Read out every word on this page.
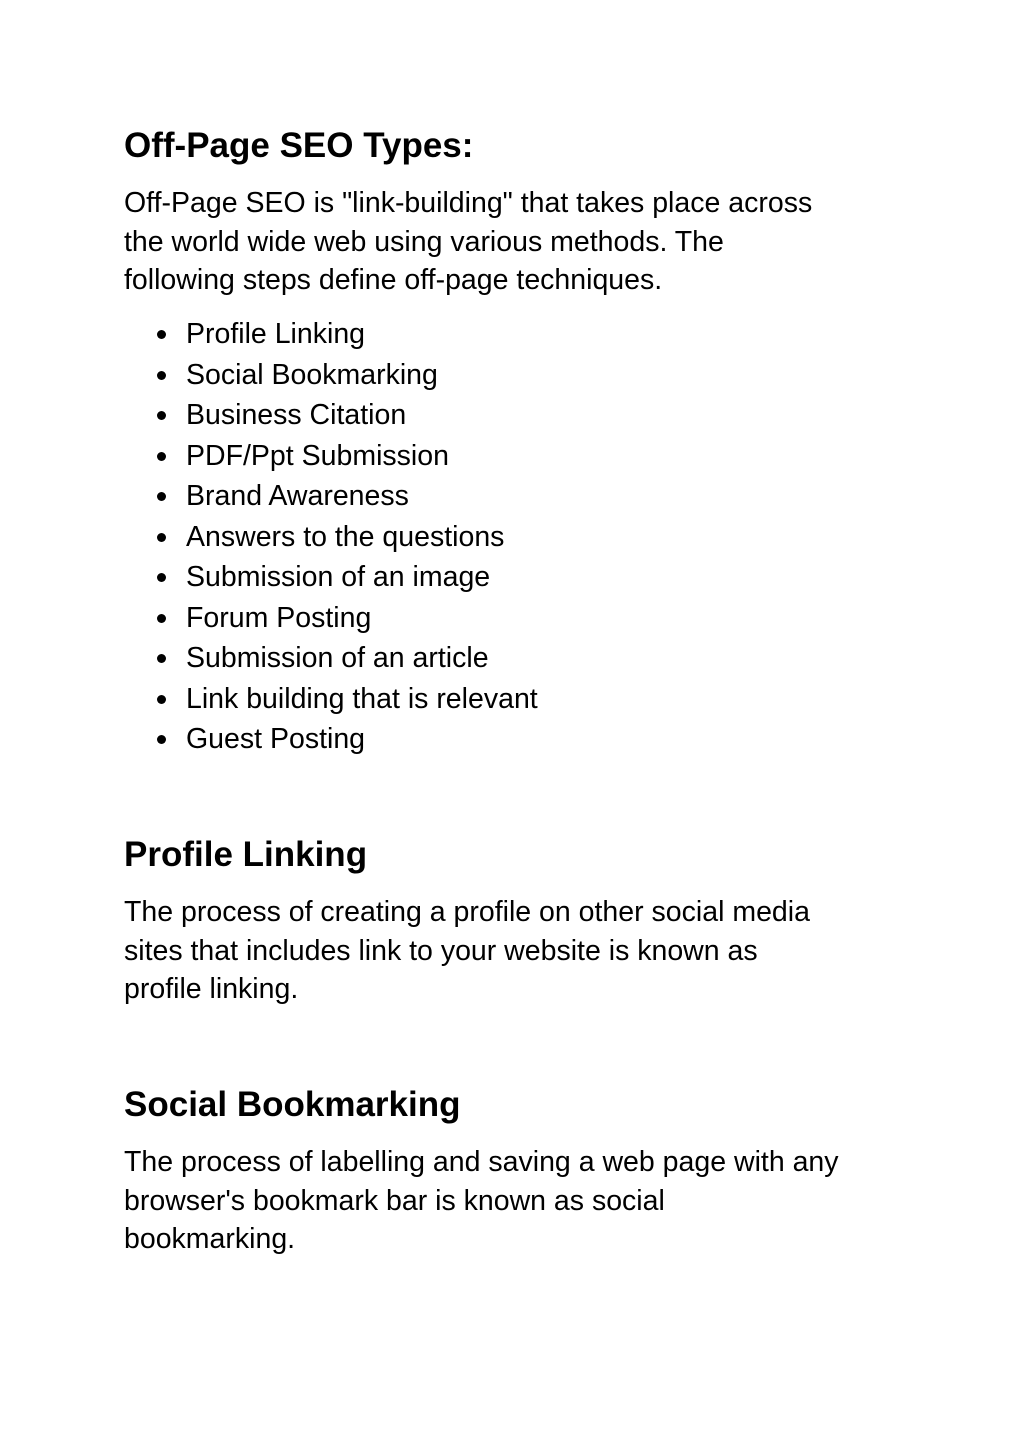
Off-Page SEO Types:

Off-Page SEO is "link-building" that takes place across
the world wide web using various methods. The
following steps define off-page techniques.

Profile Linking
Social Bookmarking
Business Citation
PDF/Ppt Submission
Brand Awareness
Answers to the questions
Submission of an image
Forum Posting
Submission of an article
Link building that is relevant
Guest Posting
Profile Linking

The process of creating a profile on other social media
sites that includes link to your website is known as
profile linking.

Social Bookmarking

The process of labelling and saving a web page with any
browser's bookmark bar is known as social
bookmarking.
